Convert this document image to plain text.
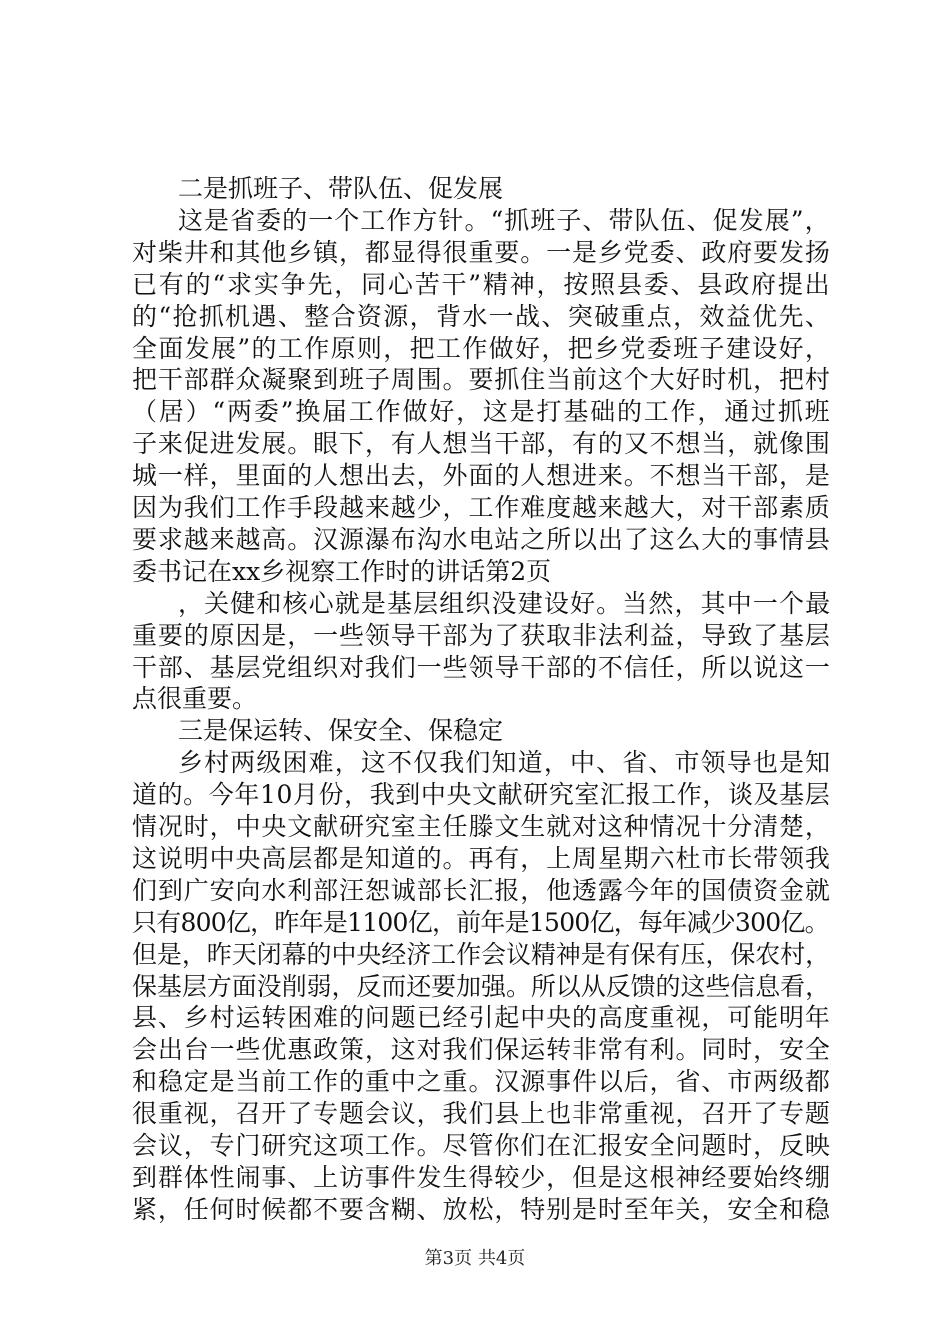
二是抓班子、带队伍、促发展
这是省委的一个工作方针。“抓班子、带队伍、促发展”，
对柴井和其他乡镇，都显得很重要。一是乡党委、政府要发扬
已有的“求实争先，同心苦干”精神，按照县委、县政府提出
的“抢抓机遇、整合资源，背水一战、突破重点，效益优先、
全面发展”的工作原则，把工作做好，把乡党委班子建设好，
把干部群众凝聚到班子周围。要抓住当前这个大好时机，把村
（居）“两委”换届工作做好，这是打基础的工作，通过抓班
子来促进发展。眼下，有人想当干部，有的又不想当，就像围
城一样，里面的人想出去，外面的人想进来。不想当干部，是
因为我们工作手段越来越少，工作难度越来越大，对干部素质
要求越来越高。汉源瀑布沟水电站之所以出了这么大的事情县
委书记在xx乡视察工作时的讲话第2页
，关健和核心就是基层组织没建设好。当然，其中一个最
重要的原因是，一些领导干部为了获取非法利益，导致了基层
干部、基层党组织对我们一些领导干部的不信任，所以说这一
点很重要。
三是保运转、保安全、保稳定
乡村两级困难，这不仅我们知道，中、省、市领导也是知
道的。今年10月份，我到中央文献研究室汇报工作，谈及基层
情况时，中央文献研究室主任滕文生就对这种情况十分清楚，
这说明中央高层都是知道的。再有，上周星期六杜市长带领我
们到广安向水利部汪恕诚部长汇报，他透露今年的国债资金就
只有800亿，昨年是1100亿，前年是1500亿，每年减少300亿。
但是，昨天闭幕的中央经济工作会议精神是有保有压，保农村，
保基层方面没削弱，反而还要加强。所以从反馈的这些信息看，
县、乡村运转困难的问题已经引起中央的高度重视，可能明年
会出台一些优惠政策，这对我们保运转非常有利。同时，安全
和稳定是当前工作的重中之重。汉源事件以后，省、市两级都
很重视，召开了专题会议，我们县上也非常重视，召开了专题
会议，专门研究这项工作。尽管你们在汇报安全问题时，反映
到群体性闹事、上访事件发生得较少，但是这根神经要始终绷
紧，任何时候都不要含糊、放松，特别是时至年关，安全和稳
第3页 共4页
